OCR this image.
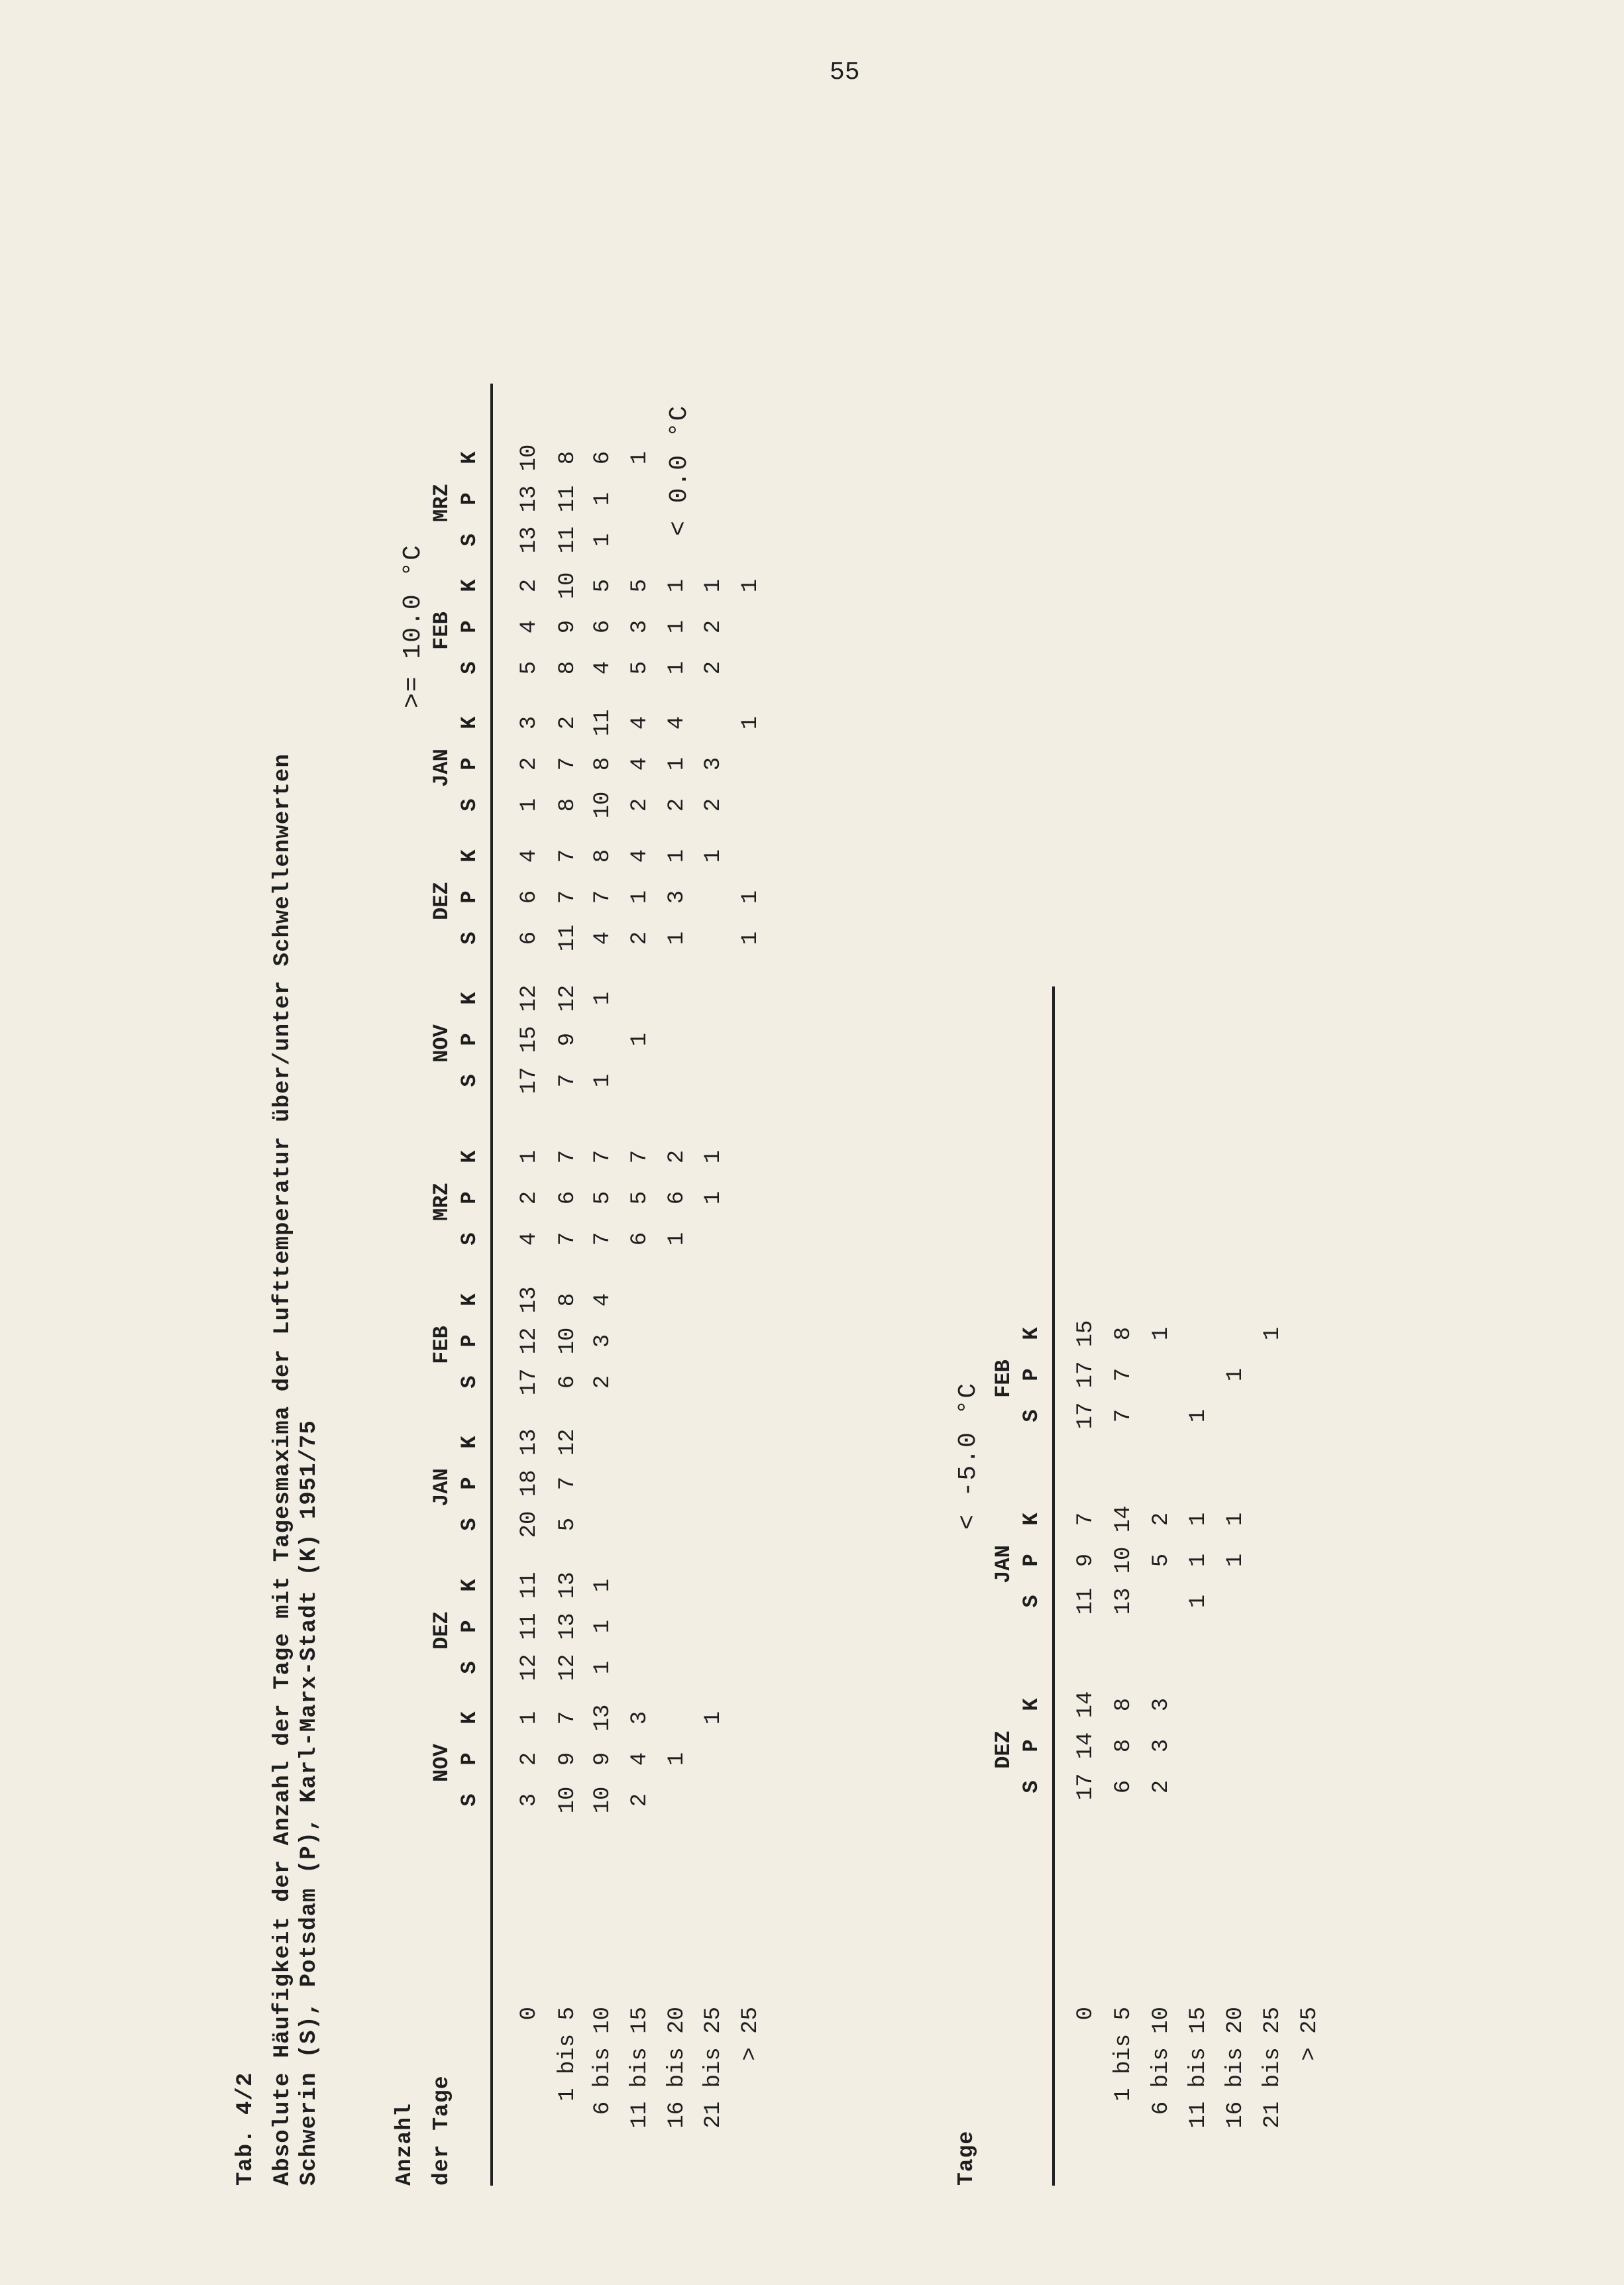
55
Tab. 4/2 Absolute Häufigkeit der Anzahl der Tage mit Tagesmaxima der Lufttemperatur über/unter Schwellenwerten Schwerin (S), Potsdam (P), Karl-Marx-Stadt (K) 1951/75	Anzahl der Tage
>= 10.0 °C
< 0.0 °C
NOV
DEZ
JAN
FEB
MRZ
NOV
DEZ
JAN
FEB
MRZ
S
P
K
S
P
K
S
P
K
S
P
K
S
P
K
S
P
K
S
P
K
S
P
K
S
P
K
S
P
K
0 1 bis 5 6 bis 10 11 bis 15 16 bis 20 21 bis 25 > 25
3
2
1
12
11
11
20
18
13
17
12
13
4
2
1
17
15
12
6
6
4
1
2
3
5
4
2
13
13
10
10
9
7
12
13
13
5
7
12
6
10
8
7
6
7
7
9
12
11
7
7
8
7
2
8
9
10
11
11
8
10
9
13
1
1
1
2
3
4
7
5
7
1
1
4
7
8
10
8
11
4
6
5
1
1
6
2
4
3
6
5
7
1
2
1
4
2
4
4
5
3
5
1
1
1
6
2
1
3
1
2
1
4
1
1
1
1
1
1
1
2
3
2
2
1
1
1
1
1
Tage
< -5.0 °C
DEZ
JAN
FEB
S
P
K
S
P
K
S
P
K
0 1 bis 5 6 bis 10 11 bis 15 16 bis 20 21 bis 25 > 25
17
14
14
11
9
7
17
17
15
6
8
8
13
10
14
7
7
8
2
3
3
5
2
1
1
1
1
1
1
1
1
1
